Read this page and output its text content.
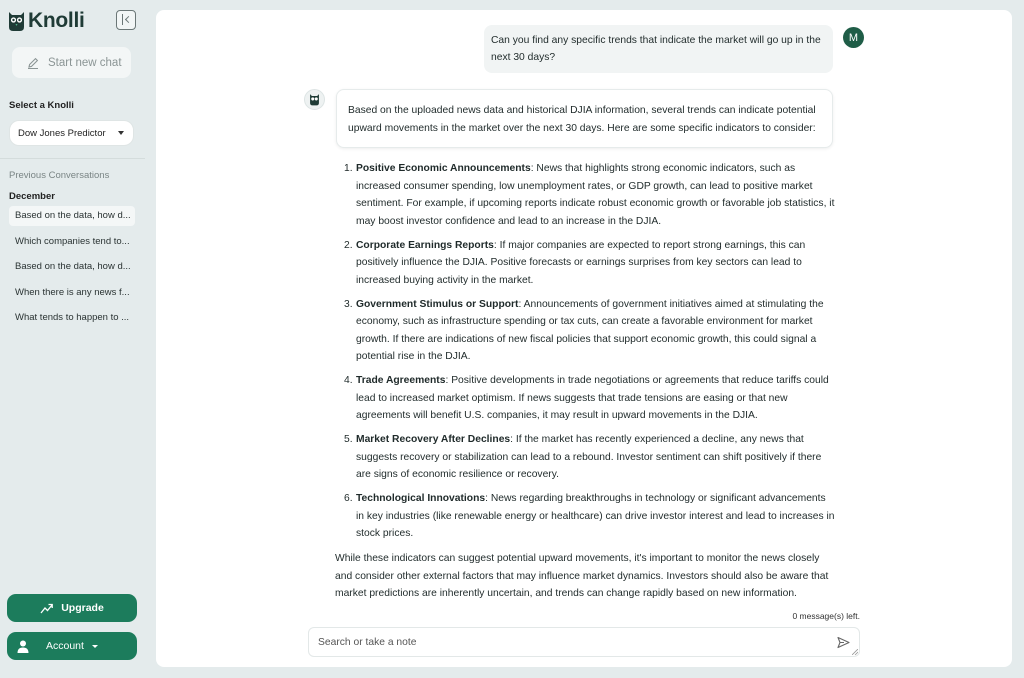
Knolli
Start new chat
Select a Knolli
Dow Jones Predictor
Previous Conversations
December
Based on the data, how d...
Which companies tend to...
Based on the data, how d...
When there is any news f...
What tends to happen to ...
Upgrade
Account
Can you find any specific trends that indicate the market will go up in the next 30 days?
M
Based on the uploaded news data and historical DJIA information, several trends can indicate potential upward movements in the market over the next 30 days. Here are some specific indicators to consider:
1. Positive Economic Announcements: News that highlights strong economic indicators, such as increased consumer spending, low unemployment rates, or GDP growth, can lead to positive market sentiment. For example, if upcoming reports indicate robust economic growth or favorable job statistics, it may boost investor confidence and lead to an increase in the DJIA.
2. Corporate Earnings Reports: If major companies are expected to report strong earnings, this can positively influence the DJIA. Positive forecasts or earnings surprises from key sectors can lead to increased buying activity in the market.
3. Government Stimulus or Support: Announcements of government initiatives aimed at stimulating the economy, such as infrastructure spending or tax cuts, can create a favorable environment for market growth. If there are indications of new fiscal policies that support economic growth, this could signal a potential rise in the DJIA.
4. Trade Agreements: Positive developments in trade negotiations or agreements that reduce tariffs could lead to increased market optimism. If news suggests that trade tensions are easing or that new agreements will benefit U.S. companies, it may result in upward movements in the DJIA.
5. Market Recovery After Declines: If the market has recently experienced a decline, any news that suggests recovery or stabilization can lead to a rebound. Investor sentiment can shift positively if there are signs of economic resilience or recovery.
6. Technological Innovations: News regarding breakthroughs in technology or significant advancements in key industries (like renewable energy or healthcare) can drive investor interest and lead to increases in stock prices.
While these indicators can suggest potential upward movements, it's important to monitor the news closely and consider other external factors that may influence market dynamics. Investors should also be aware that market predictions are inherently uncertain, and trends can change rapidly based on new information.
0 message(s) left.
Search or take a note
